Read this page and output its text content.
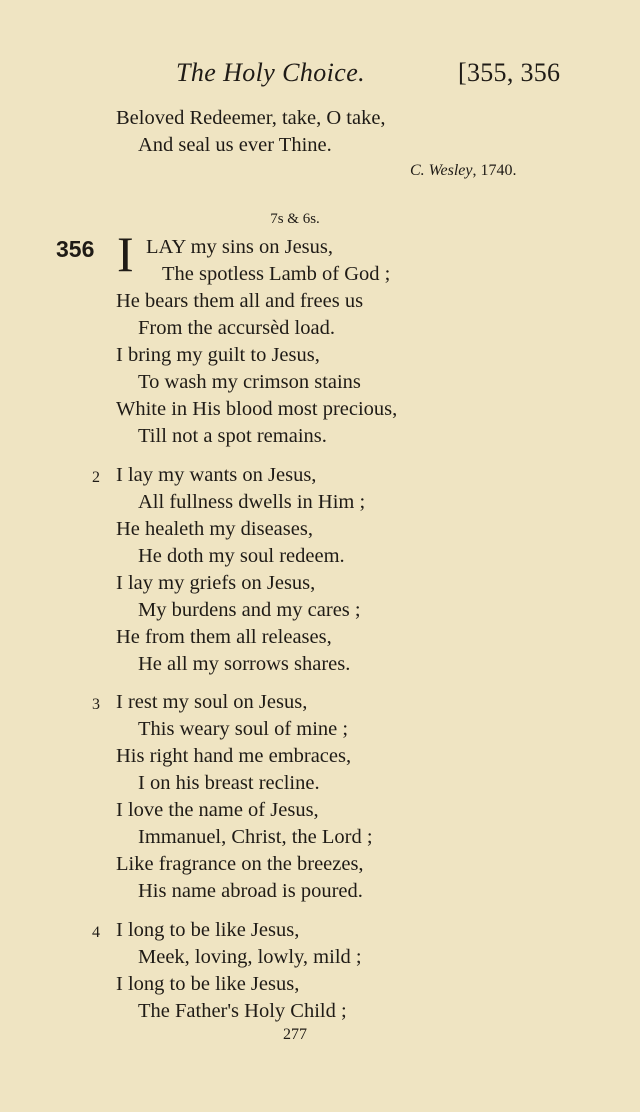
The Holy Choice.	[355, 356
Beloved Redeemer, take, O take,
And seal us ever Thine.
C. Wesley, 1740.
7s & 6s.
356 I LAY my sins on Jesus,
The spotless Lamb of God ;
He bears them all and frees us
From the accursèd load.
I bring my guilt to Jesus,
To wash my crimson stains
White in His blood most precious,
Till not a spot remains.
2 I lay my wants on Jesus,
All fullness dwells in Him ;
He healeth my diseases,
He doth my soul redeem.
I lay my griefs on Jesus,
My burdens and my cares ;
He from them all releases,
He all my sorrows shares.
3 I rest my soul on Jesus,
This weary soul of mine ;
His right hand me embraces,
I on his breast recline.
I love the name of Jesus,
Immanuel, Christ, the Lord ;
Like fragrance on the breezes,
His name abroad is poured.
4 I long to be like Jesus,
Meek, loving, lowly, mild ;
I long to be like Jesus,
The Father's Holy Child ;
277
